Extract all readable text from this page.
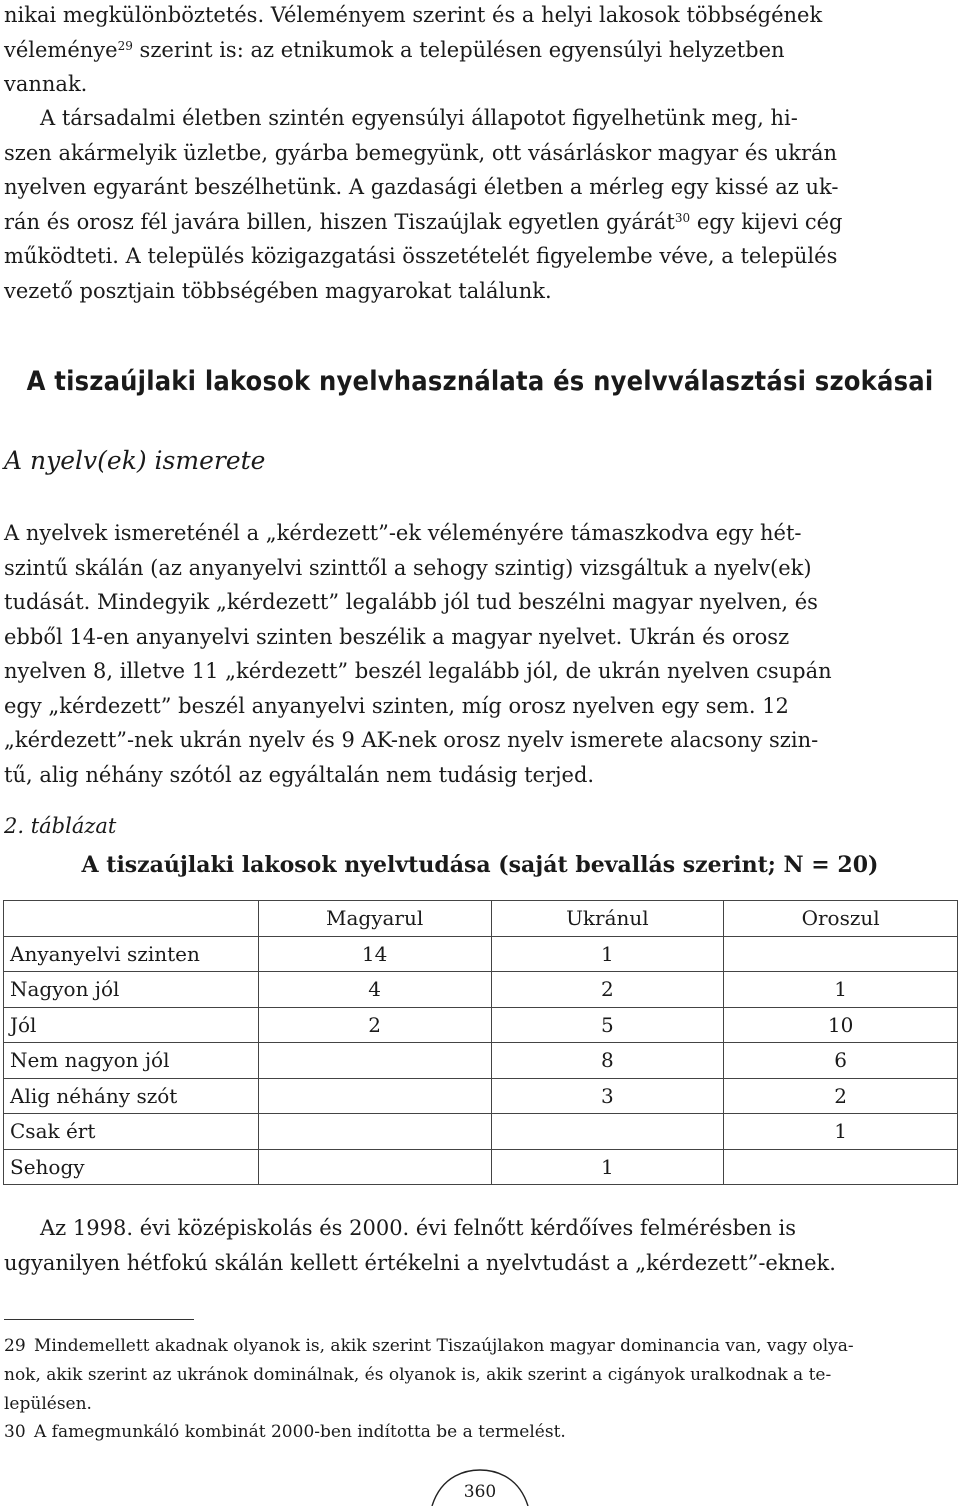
nikai megkülönböztetés. Véleményem szerint és a helyi lakosok többségének
véleménye$^{29}$ szerint is: az etnikumok a településen egyensúlyi helyzetben
vannak.
A társadalmi életben szintén egyensúlyi állapotot figyelhetünk meg, hi-
szen akármelyik üzletbe, gyárba bemegyünk, ott vásárláskor magyar és ukrán
nyelven egyaránt beszélhetünk. A gazdasági életben a mérleg egy kissé az uk-
rán és orosz fél javára billen, hiszen Tiszaújlak egyetlen gyárát$^{30}$ egy kijevi cég
működteti. A település közigazgatási összetételét figyelembe véve, a település
vezető posztjain többségében magyarokat találunk.
A tiszaújlaki lakosok nyelvhasználata és nyelvválasztási szokásai
A nyelv(ek) ismerete
A nyelvek ismereténél a „kérdezett”-ek véleményére támaszkodva egy hét-
szintű skálán (az anyanyelvi szinttől a sehogy szintig) vizsgáltuk a nyelv(ek)
tudását. Mindegyik „kérdezett” legalább jól tud beszélni magyar nyelven, és
ebből 14-en anyanyelvi szinten beszélik a magyar nyelvet. Ukrán és orosz
nyelven 8, illetve 11 „kérdezett” beszél legalább jól, de ukrán nyelven csupán
egy „kérdezett” beszél anyanyelvi szinten, míg orosz nyelven egy sem. 12
„kérdezett”-nek ukrán nyelv és 9 AK-nek orosz nyelv ismerete alacsony szin-
tű, alig néhány szótól az egyáltalán nem tudásig terjed.

2. táblázat

A tiszaújlaki lakosok nyelvtudása (saját bevallás szerint; N = 20)

	Magyarul	Ukránul	Oroszul
Anyanyelvi szinten	14	1	
Nagyon jól	4	2	1
Jól	2	5	10
Nem nagyon jól		8	6
Alig néhány szót		3	2
Csak ért			1
Sehogy		1	
Az 1998. évi középiskolás és 2000. évi felnőtt kérdőíves felmérésben is
ugyanilyen hétfokú skálán kellett értékelni a nyelvtudást a „kérdezett”-eknek.
29 Mindemellett akadnak olyanok is, akik szerint Tiszaújlakon magyar dominancia van, vagy olya-
nok, akik szerint az ukránok dominálnak, és olyanok is, akik szerint a cigányok uralkodnak a te-
lepülésen.
30 A famegmunkáló kombinát 2000-ben indította be a termelést.

360
